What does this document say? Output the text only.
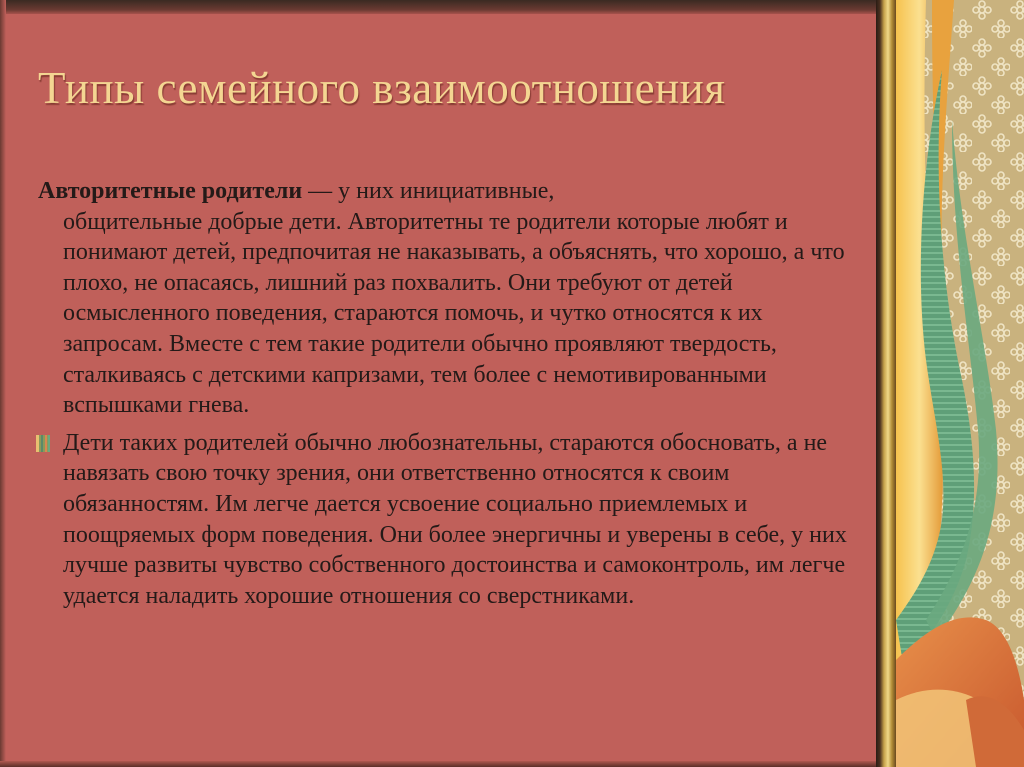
Типы семейного взаимоотношения

Авторитетные родители — у них инициативные,
общительные добрые дети. Авторитетны те родители которые любят и понимают детей, предпочитая не наказывать, а объяснять, что хорошо, а что плохо, не опасаясь, лишний раз похвалить. Они требуют от детей осмысленного поведения, стараются помочь, и чутко относятся к их запросам. Вместе с тем такие родители обычно проявляют твердость, сталкиваясь с детскими капризами, тем более с немотивированными вспышками гнева.

Дети таких родителей обычно любознательны, стараются обосновать, а не навязать свою точку зрения, они ответственно относятся к своим обязанностям. Им легче дается усвоение социально приемлемых и поощряемых форм поведения. Они более энергичны и уверены в себе, у них лучше развиты чувство собственного достоинства и самоконтроль, им легче удается наладить хорошие отношения со сверстниками.
